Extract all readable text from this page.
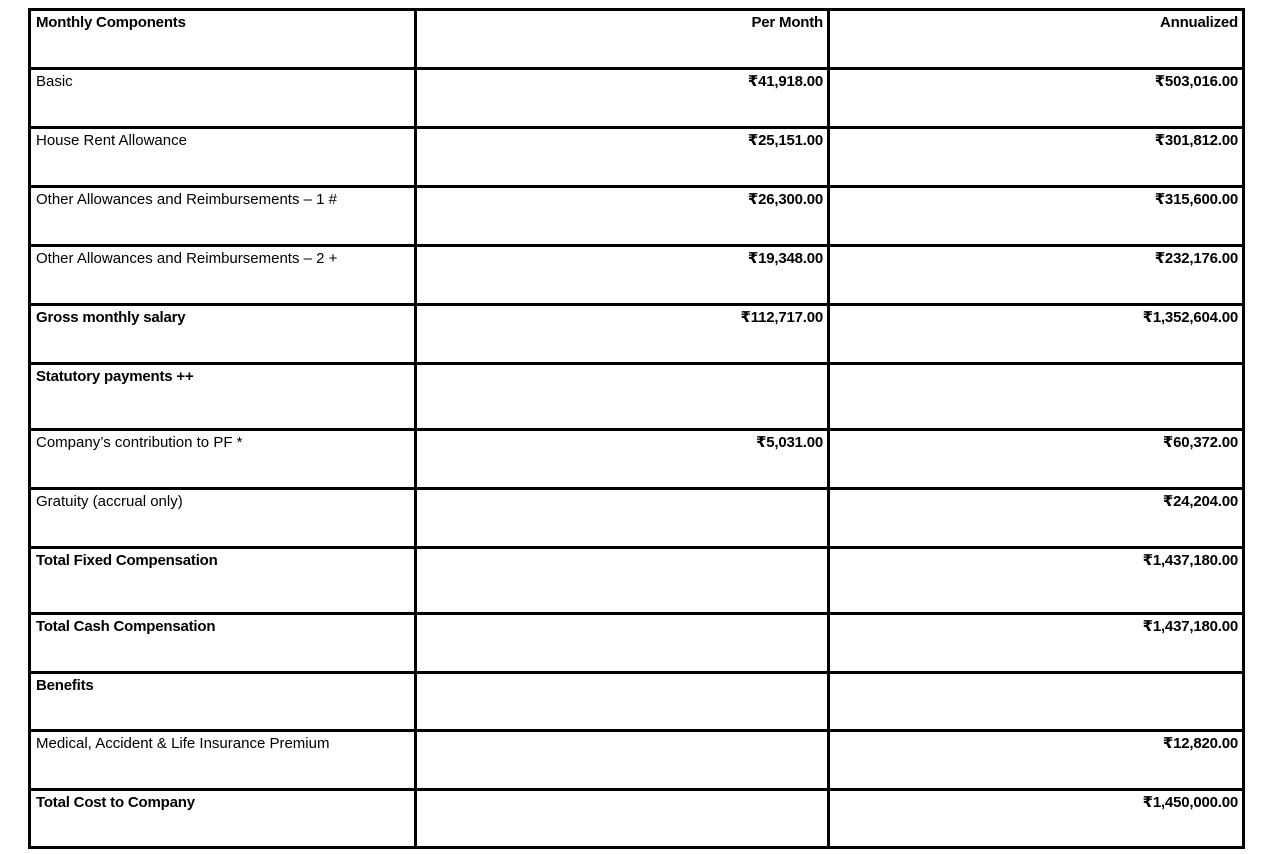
Monthly Components	Per Month	Annualized
Basic	₹41,918.00	₹503,016.00
House Rent Allowance	₹25,151.00	₹301,812.00
Other Allowances and Reimbursements – 1 #	₹26,300.00	₹315,600.00
Other Allowances and Reimbursements – 2 +	₹19,348.00	₹232,176.00
Gross monthly salary	₹112,717.00	₹1,352,604.00
Statutory payments ++		
Company’s contribution to PF *	₹5,031.00	₹60,372.00
Gratuity (accrual only)		₹24,204.00
Total Fixed Compensation		₹1,437,180.00
Total Cash Compensation		₹1,437,180.00
Benefits		
Medical, Accident & Life Insurance Premium		₹12,820.00
Total Cost to Company		₹1,450,000.00
